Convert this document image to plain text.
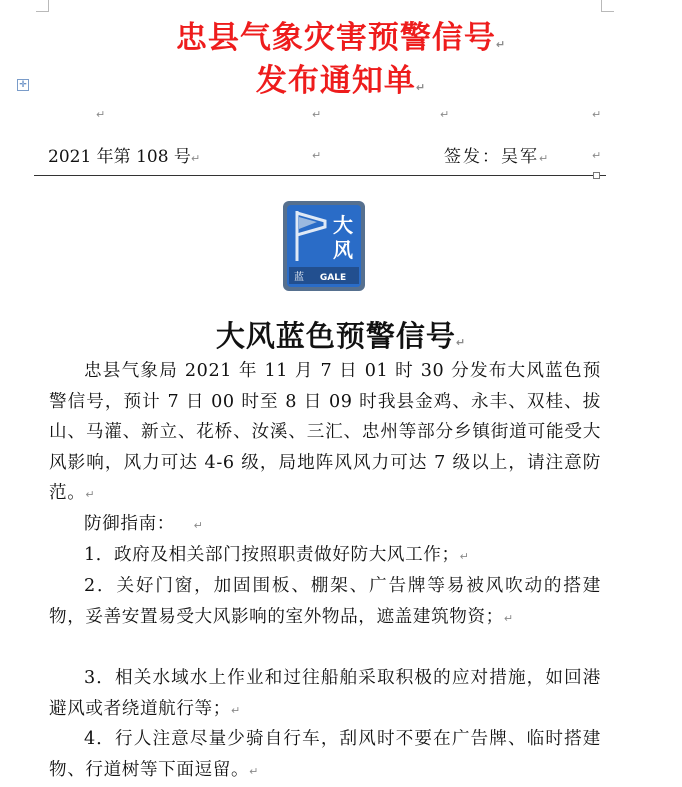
✛
忠县气象灾害预警信号↵
发布通知单↵
↵	↵	↵	↵
↵	↵
2021 年第 108 号↵	签发：吴军↵
大
风
蓝 GALE
大风蓝色预警信号↵
忠县气象局 2021 年 11 月 7 日 01 时 30 分发布大风蓝色预警信号，预计 7 日 00 时至 8 日 09 时我县金鸡、永丰、双桂、拔山、马灌、新立、花桥、汝溪、三汇、忠州等部分乡镇街道可能受大风影响，风力可达 4-6 级，局地阵风风力可达 7 级以上，请注意防范。↵
防御指南： ↵
1．政府及相关部门按照职责做好防大风工作；↵
2．关好门窗，加固围板、棚架、广告牌等易被风吹动的搭建物，妥善安置易受大风影响的室外物品，遮盖建筑物资；↵
3．相关水域水上作业和过往船舶采取积极的应对措施，如回港避风或者绕道航行等；↵
4．行人注意尽量少骑自行车，刮风时不要在广告牌、临时搭建物、行道树等下面逗留。↵
